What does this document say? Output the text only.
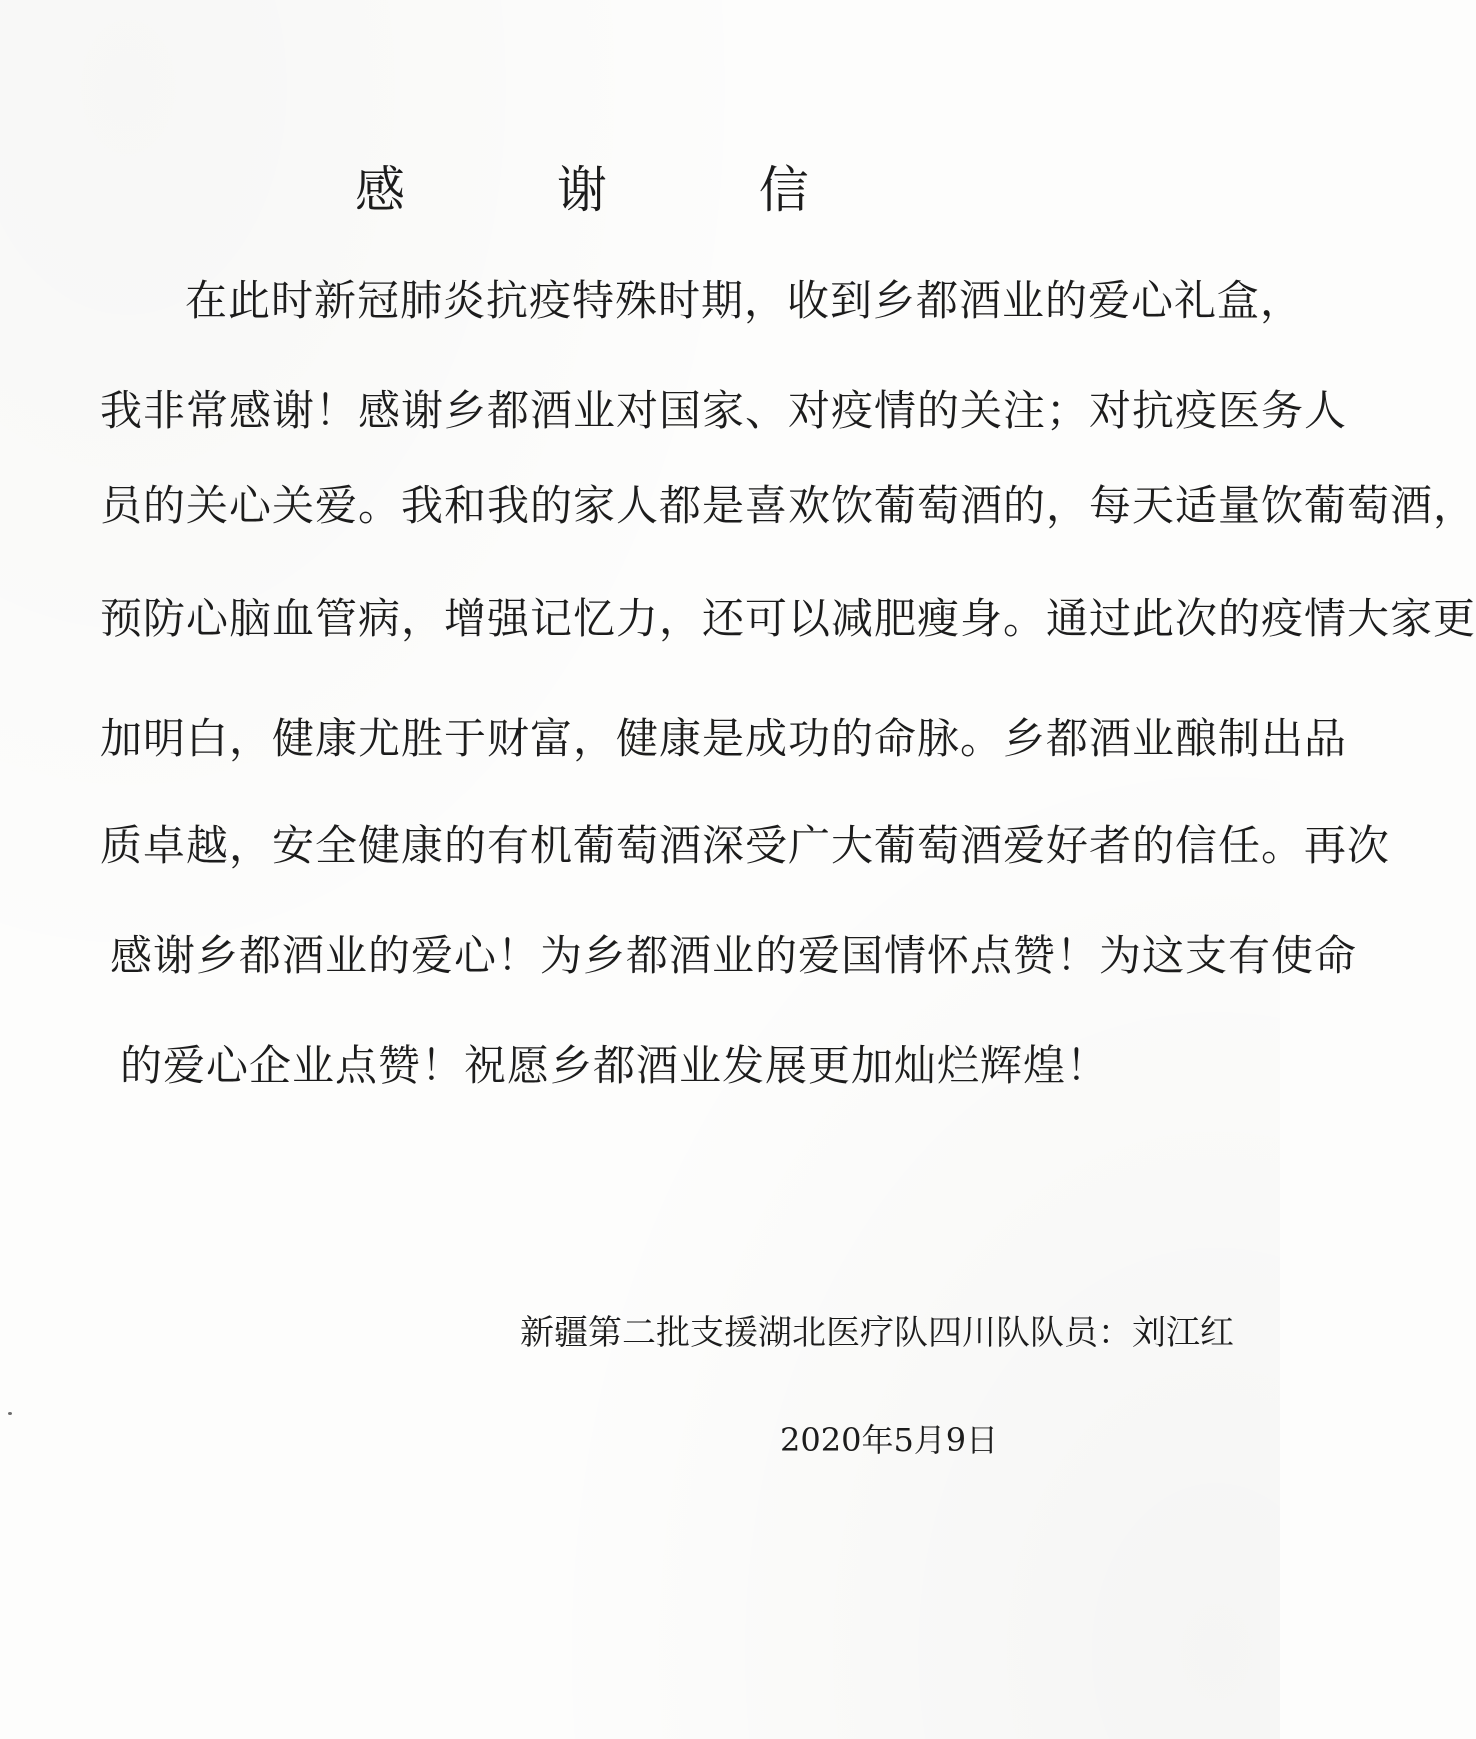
感 谢 信
在此时新冠肺炎抗疫特殊时期，收到乡都酒业的爱心礼盒，
我非常感谢！感谢乡都酒业对国家、对疫情的关注；对抗疫医务人
员的关心关爱。我和我的家人都是喜欢饮葡萄酒的，每天适量饮葡萄酒，
预防心脑血管病，增强记忆力，还可以减肥瘦身。通过此次的疫情大家更
加明白，健康尤胜于财富，健康是成功的命脉。乡都酒业酿制出品
质卓越，安全健康的有机葡萄酒深受广大葡萄酒爱好者的信任。再次
感谢乡都酒业的爱心！为乡都酒业的爱国情怀点赞！为这支有使命
的爱心企业点赞！祝愿乡都酒业发展更加灿烂辉煌！
新疆第二批支援湖北医疗队四川队队员：刘江红
2020年5月9日
